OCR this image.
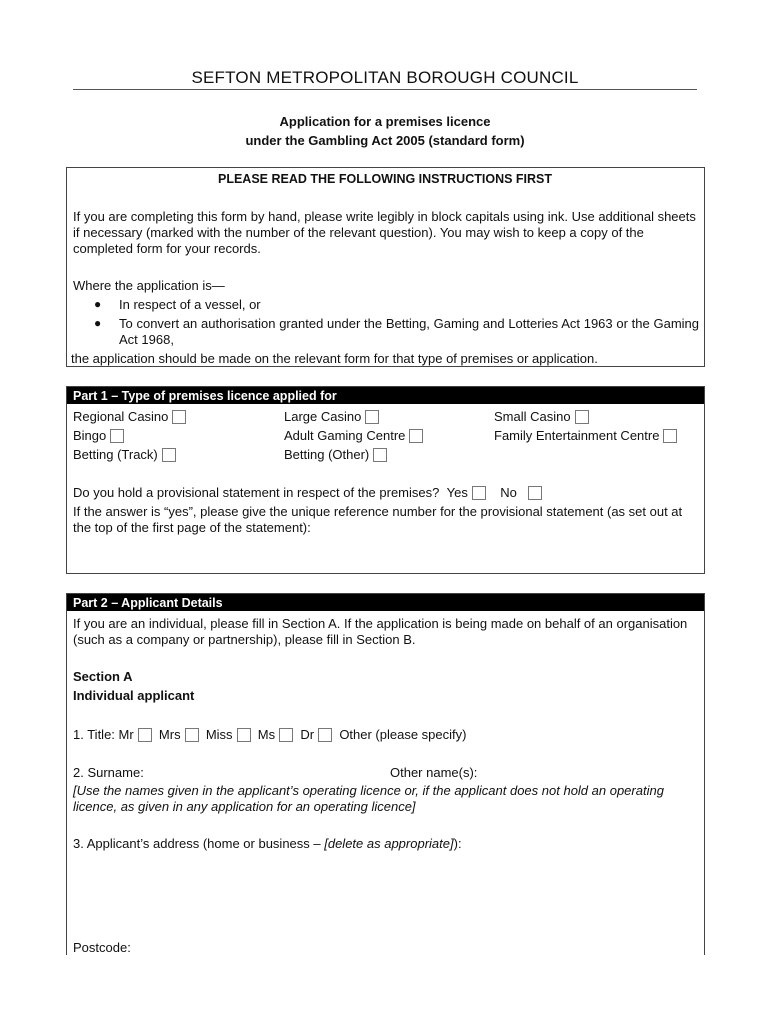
SEFTON METROPOLITAN BOROUGH COUNCIL
Application for a premises licence
under the Gambling Act 2005 (standard form)
PLEASE READ THE FOLLOWING INSTRUCTIONS FIRST
If you are completing this form by hand, please write legibly in block capitals using ink. Use additional sheets if necessary (marked with the number of the relevant question). You may wish to keep a copy of the completed form for your records.
Where the application is—
● In respect of a vessel, or
● To convert an authorisation granted under the Betting, Gaming and Lotteries Act 1963 or the Gaming Act 1968,
the application should be made on the relevant form for that type of premises or application.
Part 1 – Type of premises licence applied for
Regional Casino	Large Casino	Small Casino
Bingo	Adult Gaming Centre	Family Entertainment Centre
Betting (Track)	Betting (Other)
Do you hold a provisional statement in respect of the premises? Yes No
If the answer is “yes”, please give the unique reference number for the provisional statement (as set out at the top of the first page of the statement):
Part 2 – Applicant Details
If you are an individual, please fill in Section A. If the application is being made on behalf of an organisation (such as a company or partnership), please fill in Section B.
Section A
Individual applicant
1. Title: Mr Mrs Miss Ms Dr Other (please specify)
2. Surname:	Other name(s):
[Use the names given in the applicant’s operating licence or, if the applicant does not hold an operating licence, as given in any application for an operating licence]
3. Applicant’s address (home or business – [delete as appropriate]):
Postcode:
